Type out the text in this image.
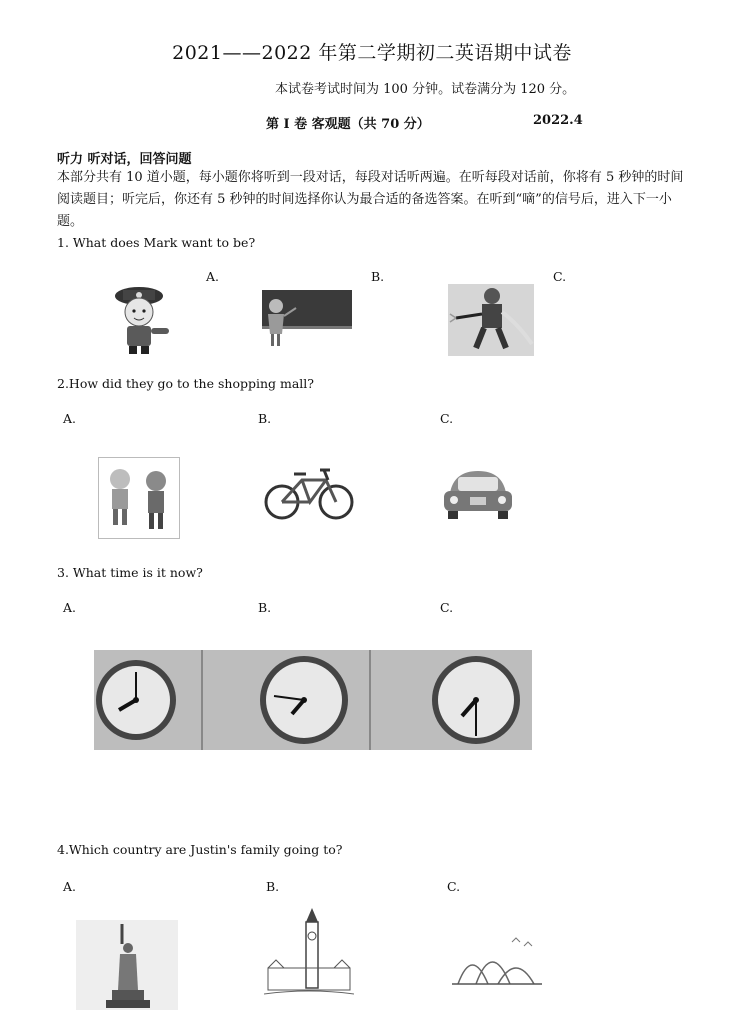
2021——2022 年第二学期初二英语期中试卷
本试卷考试时间为 100 分钟。试卷满分为 120 分。
第 I 卷 客观题（共 70 分）	2022.4
听力 听对话，回答问题
本部分共有 10 道小题，每小题你将听到一段对话，每段对话听两遍。在听每段对话前，你将有 5 秒钟的时间阅读题目；听完后，你还有 5 秒钟的时间选择你认为最合适的备选答案。在听到“嘀”的信号后，进入下一小题。
1. What does Mark want to be?
A.	B.	C.
2.How did they go to the shopping mall?
A.	B.	C.
3. What time is it now?
A.	B.	C.
4.Which country are Justin's family going to?
A.	B.	C.
